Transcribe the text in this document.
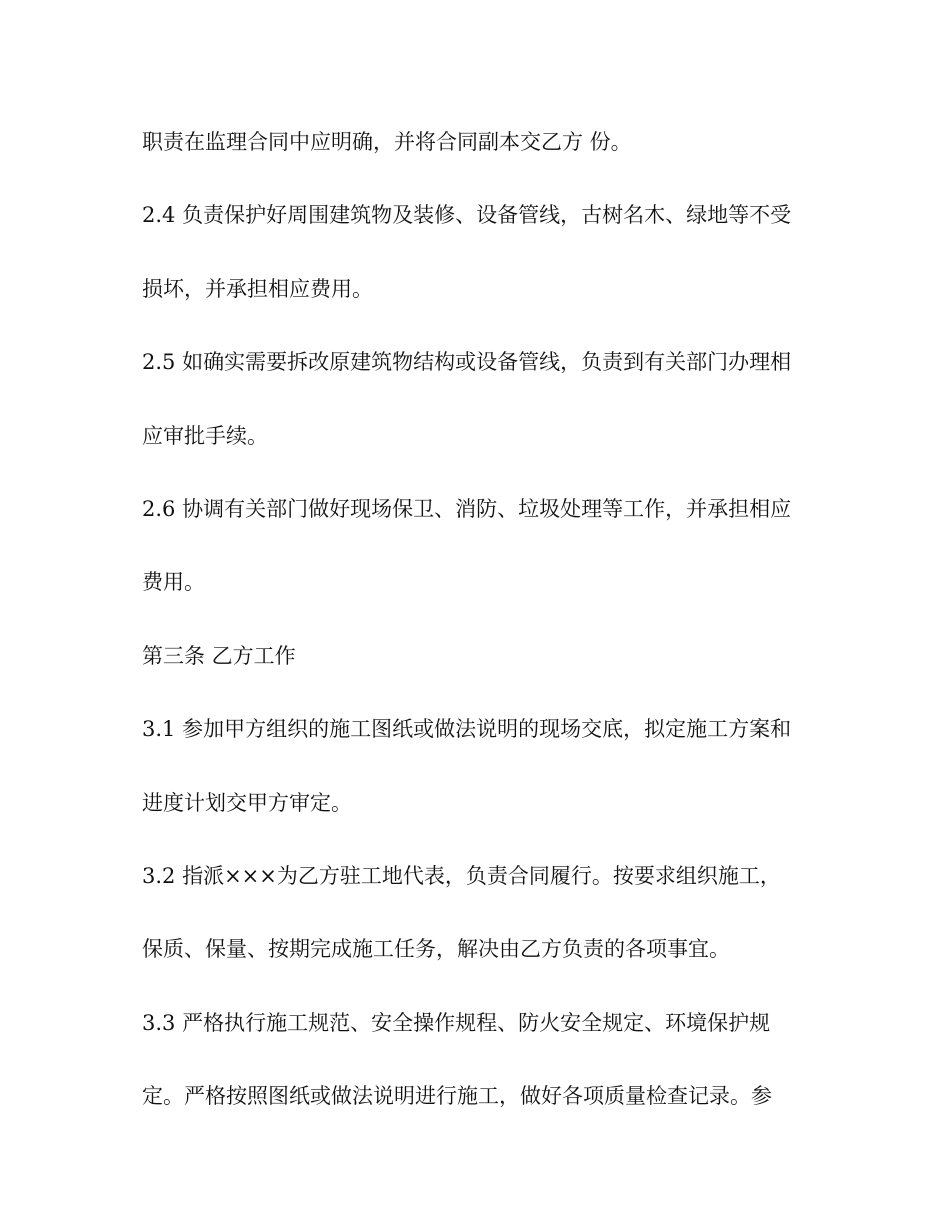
职责在监理合同中应明确，并将合同副本交乙方 份。

2.4 负责保护好周围建筑物及装修、设备管线，古树名木、绿地等不受

损坏，并承担相应费用。

2.5 如确实需要拆改原建筑物结构或设备管线，负责到有关部门办理相

应审批手续。

2.6 协调有关部门做好现场保卫、消防、垃圾处理等工作，并承担相应

费用。

第三条 乙方工作

3.1 参加甲方组织的施工图纸或做法说明的现场交底，拟定施工方案和

进度计划交甲方审定。

3.2 指派×××为乙方驻工地代表，负责合同履行。按要求组织施工，

保质、保量、按期完成施工任务，解决由乙方负责的各项事宜。

3.3 严格执行施工规范、安全操作规程、防火安全规定、环境保护规

定。严格按照图纸或做法说明进行施工，做好各项质量检查记录。参
